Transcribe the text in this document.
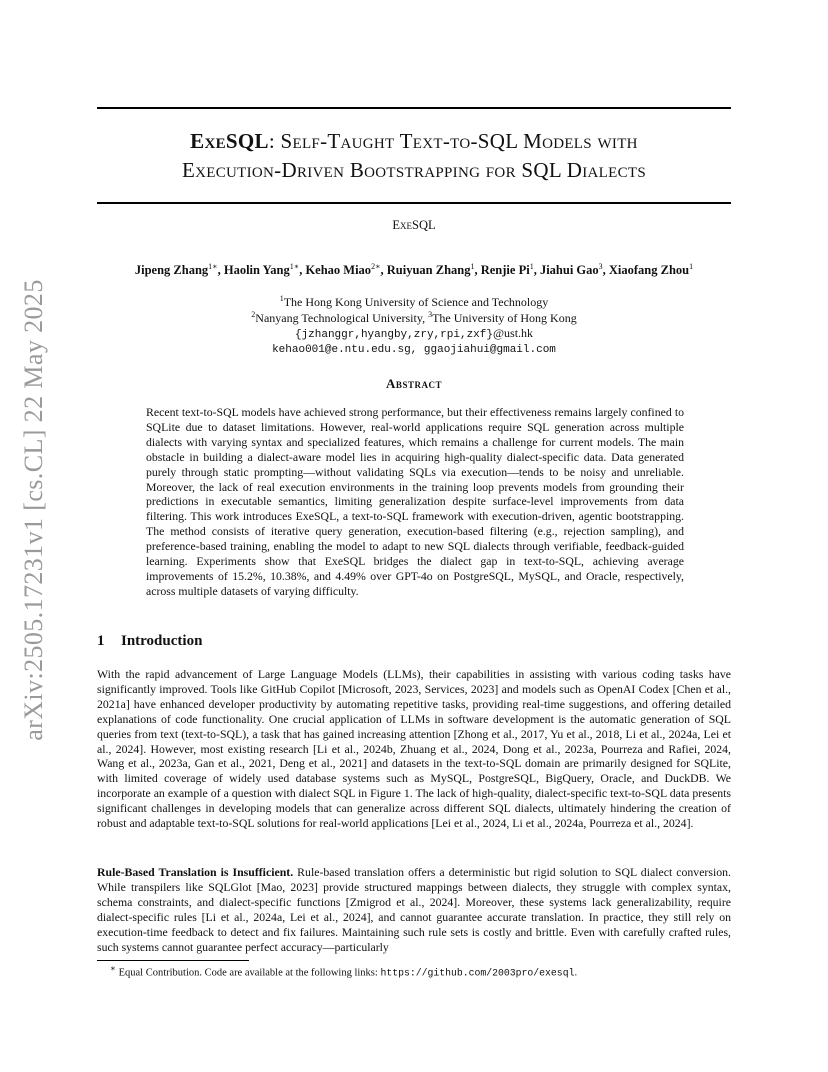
arXiv:2505.17231v1 [cs.CL] 22 May 2025
ExeSQL: Self-Taught Text-to-SQL Models with
Execution-Driven Bootstrapping for SQL Dialects
ExeSQL
Jipeng Zhang$^{1∗}$, Haolin Yang$^{1∗}$, Kehao Miao$^{2∗}$, Ruiyuan Zhang$^1$, Renjie Pi$^1$, Jiahui Gao$^3$, Xiaofang Zhou$^1$
$^1$The Hong Kong University of Science and Technology
$^2$Nanyang Technological University, $^3$The University of Hong Kong
{jzhanggr,hyangby,zry,rpi,zxf}@ust.hk
kehao001@e.ntu.edu.sg, ggaojiahui@gmail.com
Abstract
Recent text-to-SQL models have achieved strong performance, but their effectiveness remains largely confined to SQLite due to dataset limitations. However, real-world applications require SQL generation across multiple dialects with varying syntax and specialized features, which remains a challenge for current models. The main obstacle in building a dialect-aware model lies in acquiring high-quality dialect-specific data. Data generated purely through static prompting—without validating SQLs via execution—tends to be noisy and unreliable. Moreover, the lack of real execution environments in the training loop prevents models from grounding their predictions in executable semantics, limiting generalization despite surface-level improvements from data filtering. This work introduces ExeSQL, a text-to-SQL framework with execution-driven, agentic bootstrapping. The method consists of iterative query generation, execution-based filtering (e.g., rejection sampling), and preference-based training, enabling the model to adapt to new SQL dialects through verifiable, feedback-guided learning. Experiments show that ExeSQL bridges the dialect gap in text-to-SQL, achieving average improvements of 15.2%, 10.38%, and 4.49% over GPT-4o on PostgreSQL, MySQL, and Oracle, respectively, across multiple datasets of varying difficulty.
1 Introduction
With the rapid advancement of Large Language Models (LLMs), their capabilities in assisting with various coding tasks have significantly improved. Tools like GitHub Copilot [Microsoft, 2023, Services, 2023] and models such as OpenAI Codex [Chen et al., 2021a] have enhanced developer productivity by automating repetitive tasks, providing real-time suggestions, and offering detailed explanations of code functionality. One crucial application of LLMs in software development is the automatic generation of SQL queries from text (text-to-SQL), a task that has gained increasing attention [Zhong et al., 2017, Yu et al., 2018, Li et al., 2024a, Lei et al., 2024]. However, most existing research [Li et al., 2024b, Zhuang et al., 2024, Dong et al., 2023a, Pourreza and Rafiei, 2024, Wang et al., 2023a, Gan et al., 2021, Deng et al., 2021] and datasets in the text-to-SQL domain are primarily designed for SQLite, with limited coverage of widely used database systems such as MySQL, PostgreSQL, BigQuery, Oracle, and DuckDB. We incorporate an example of a question with dialect SQL in Figure 1. The lack of high-quality, dialect-specific text-to-SQL data presents significant challenges in developing models that can generalize across different SQL dialects, ultimately hindering the creation of robust and adaptable text-to-SQL solutions for real-world applications [Lei et al., 2024, Li et al., 2024a, Pourreza et al., 2024].
Rule-Based Translation is Insufficient. Rule-based translation offers a deterministic but rigid solution to SQL dialect conversion. While transpilers like SQLGlot [Mao, 2023] provide structured mappings between dialects, they struggle with complex syntax, schema constraints, and dialect-specific functions [Zmigrod et al., 2024]. Moreover, these systems lack generalizability, require dialect-specific rules [Li et al., 2024a, Lei et al., 2024], and cannot guarantee accurate translation. In practice, they still rely on execution-time feedback to detect and fix failures. Maintaining such rule sets is costly and brittle. Even with carefully crafted rules, such systems cannot guarantee perfect accuracy—particularly
∗ Equal Contribution. Code are available at the following links: https://github.com/2003pro/exesql.
